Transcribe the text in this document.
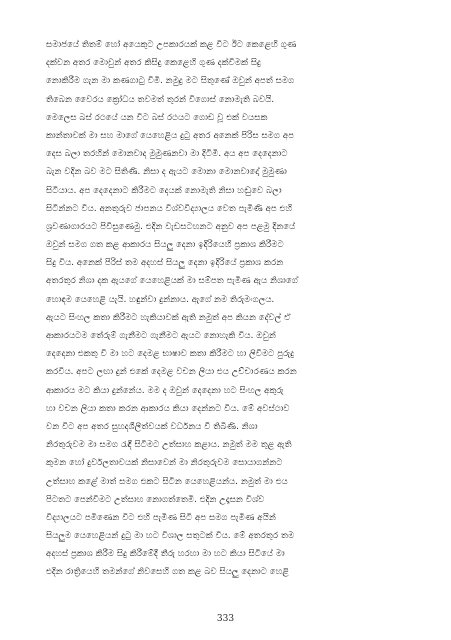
සමාජයේ තිතම් හෝ අයෙකුට උපකාරයක් කළ විට ඊට කෙළෙහි ගුණ
දක්වන අතර මොවුන් අතර කිසිදු කෙළෙහි ගුණ දක්වීමක් සිදු
නොකිරීම ගැන මා කණගාටු වීමි. නමුදු මට සිතුණේ ඔවුන් අපත් සමග
තිබෙන වෛරය ක්‍රෝධය තවමත් තුරන් විගොස් නොමැති බවයි.
මෙලෙස බස් රථයේ යන විට බස් රථයට ගොඩ වූ එක් වයසක
කාන්තාවක් මා සහ මාගේ යෙහෙළිය දුටු අතර අනෙක් පිරිස සමග අප
දෙස බලා තරහින් මොනවාද මුමුණනවා මා දිටිමි. අය අප දෙදෙනාට
බැන වදින බව මට සිතිණි. නිසා ද ඇයට මොනා මොනවාදෝ මුමුණා
සිටියාය. අප දෙදෙනාට කිරීමට දෙයක් නොමැති නිසා හඬුවෙ බලා
සිටින්නට විය. අනතුරුව ජාපනය විශ්වවිද්‍යාලය වෙත පැමිණි අප එහි
ශ්‍රවණාගාරයට පිවිසුණෙමු. එදින වැඩසටහනට අනුව අප පළමු දිනයේ
ඔවුන් සමග ගත කළ ආකාරය සියලු දෙනා ඉදිරියෙහි ප්‍රකාශ කිරීමට
සිදු විය. අනෙක් පිරිස් තම අදහස් සියලු දෙනා ඉදිරියේ ප්‍රකාශ කරන
අතරතුර නිශා දක ඇයගේ යෙහෙළියක් මා සම්පත පැමිණ ඇය නිශාගේ
හොඳම යෙහෙළි යැයි. හඳුන්වා දුන්නාය. ඇගේ නම තිරුමංගලය.
ඇයට සිංහල කතා කිරීමට හැකියාවක් ඇති නමුත් අප කියන දේවල් ඒ
ආකාරයටම තේරුම් ගැනීමට ගැනීමට ඇයට නොහැකි විය. ඔවුන්
දෙදෙනා එකතු වී මා හට දෙමළ භාෂාව කතා කිරීමට හා ලිවීමට පුරුදු
කරවිය. අපට ලඟා දුන් එකේ දෙමළ වචන ලියා එය උච්චාරණය කරන
ආකාරය මට කියා දුන්නේය. මම ද ඔවුන් දෙදෙනා හට සිංහල අකුරු
හා වචන ලියා කතා කරන ආකාරය කියා දෙන්නට විය. මේ අවස්ථාව
වන විට අප අතර සුහදශීලීත්වයක් වර්ධනය වී තිබිණි. නිශා
නිරතුරුවම මා සමග රැඳී සිටීමට උත්සාහ කළාය. නමුත් මම තුළ ඇති
කුමන හෝ දුර්වලතාවයක් නිසාවෙන් මා නිරතුරුවම සොයාගන්නට
උත්සාහ කළේ මාත් සමග එකට සිටින යෙහෙළියන්ය. නමුත් මා එය
පිටතට පෙන්වීමට උත්සාහ නොගත්තෙමි. එදින උදෑසන විශ්ව
විද්‍යාලයට පමිණෙන විට එහි පැමිණ සිටි අප සමග පැමිණ අයින්
සියලුම යෙහෙළියන් දුටු මා හට විශාල සතුටක් විය. මේ අතරතුර තම
අදහස් ප්‍රකාශ කිරීම සිදු කිරීමේදී තීරු හරහා මා හට කියා සිටියේ මා
එදින රාත්‍රියෙහි තමන්ගේ නිවසෙහි ගත කළ බව සියලු දෙනාට හෙළි
333
